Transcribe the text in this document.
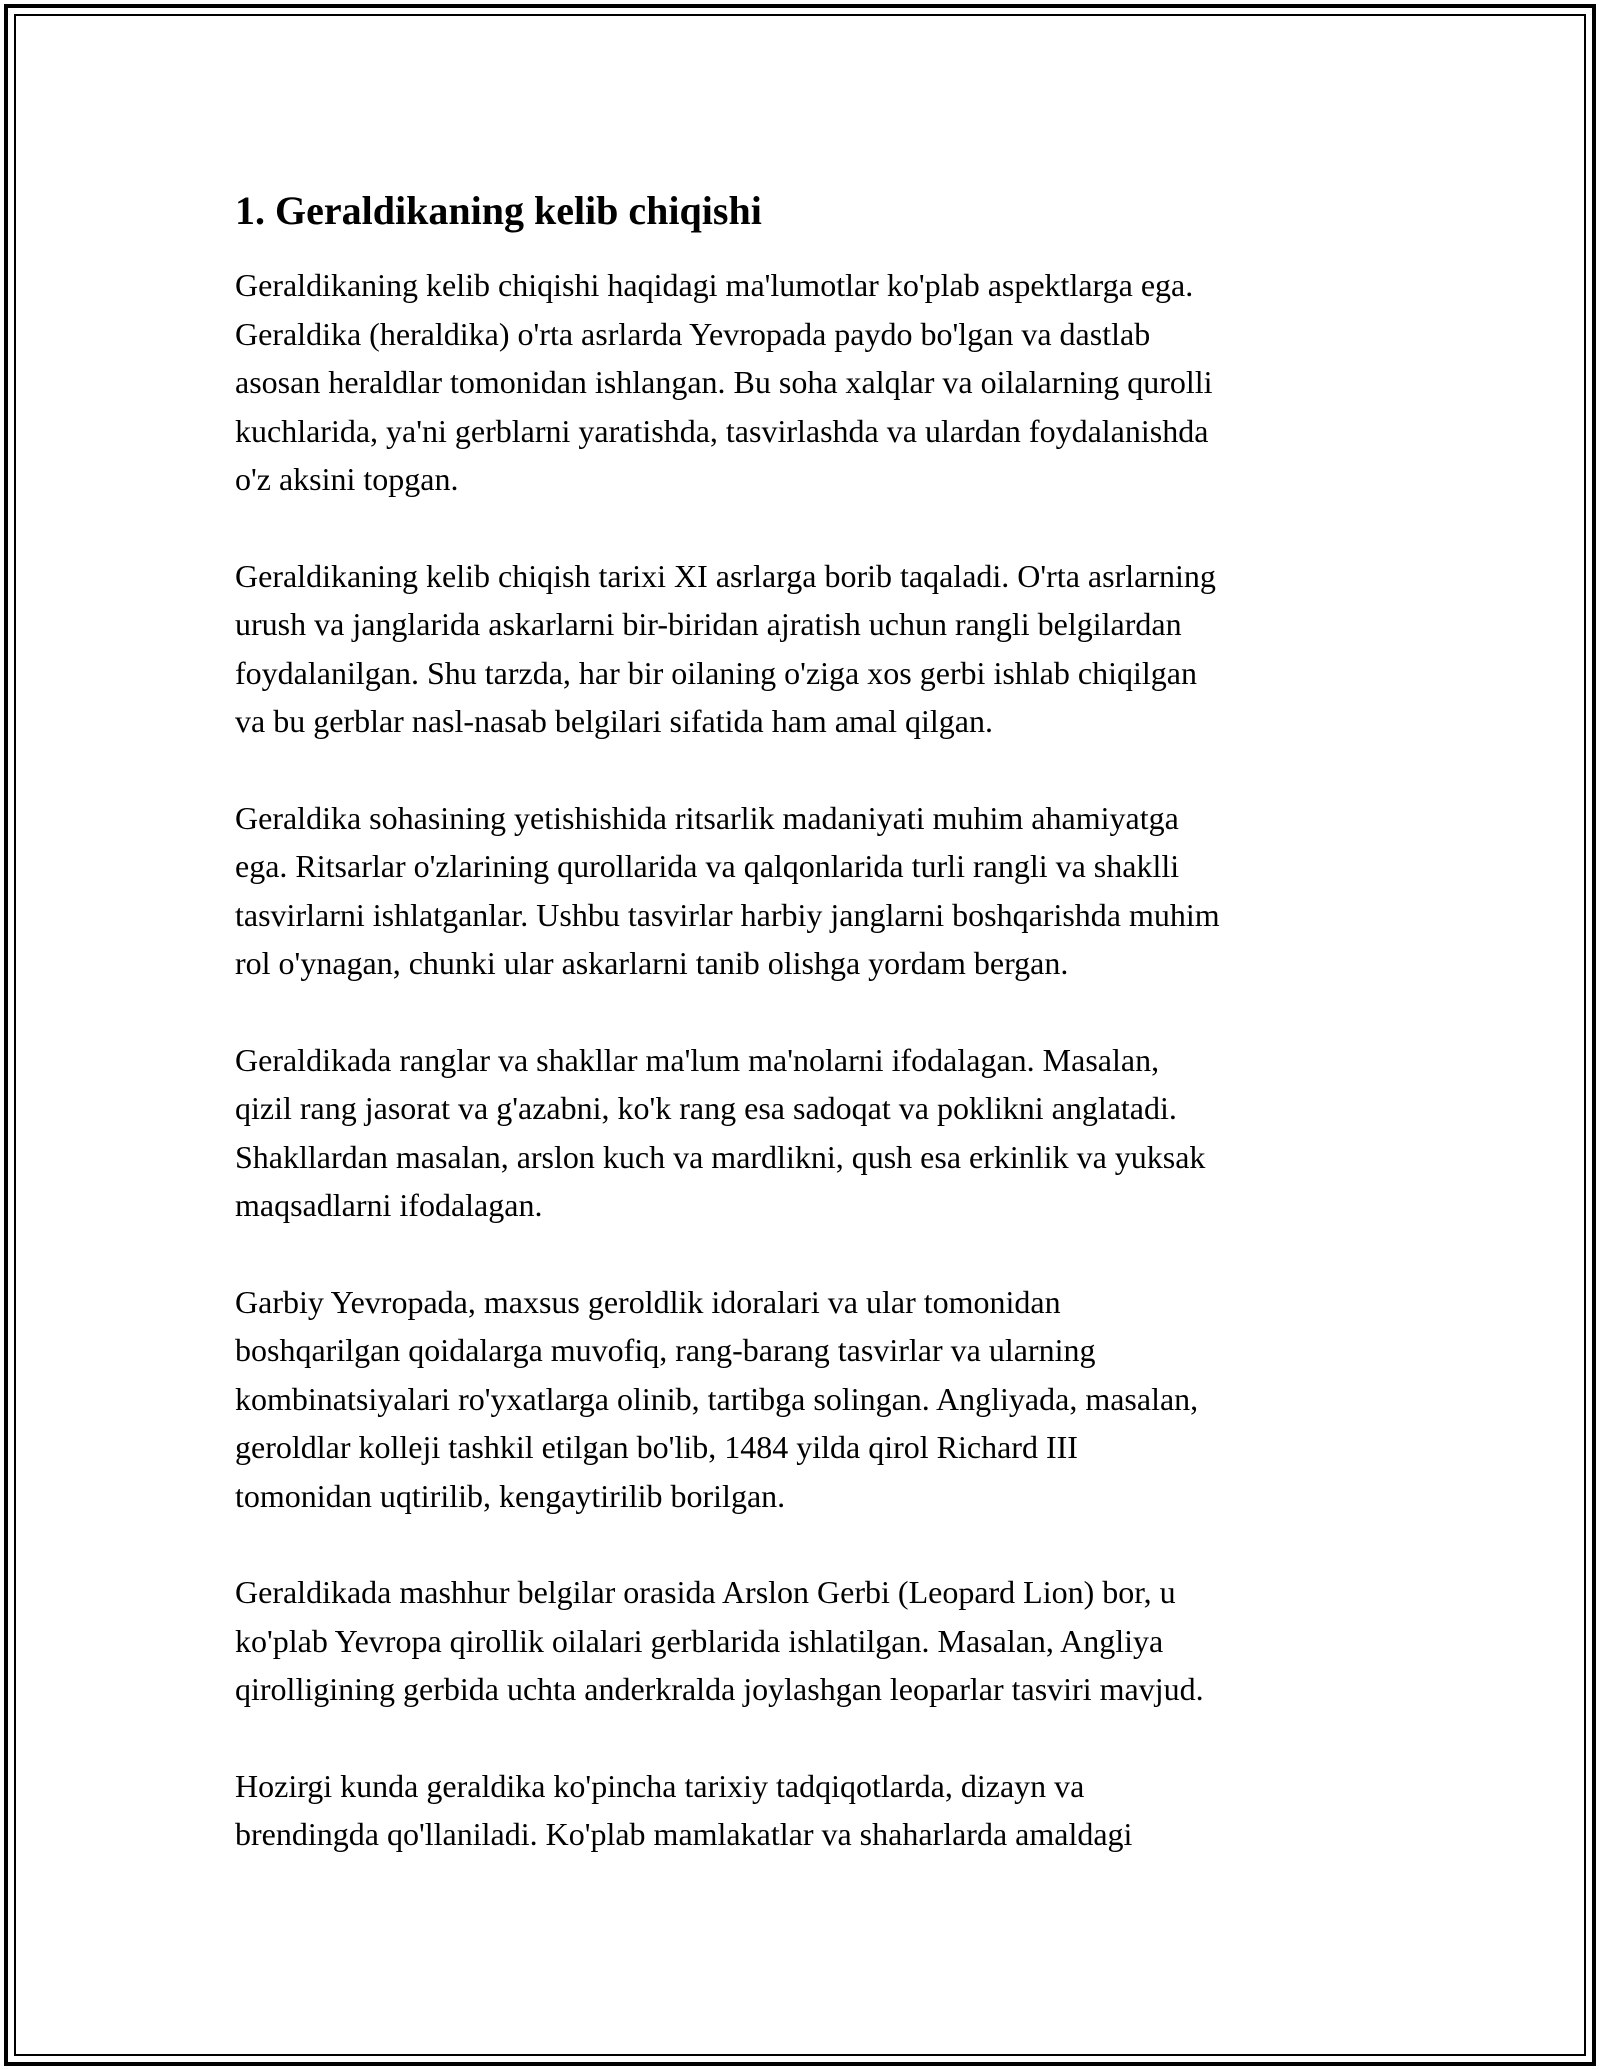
1. Geraldikaning kelib chiqishi

Geraldikaning kelib chiqishi haqidagi ma'lumotlar ko'plab aspektlarga ega.
Geraldika (heraldika) o'rta asrlarda Yevropada paydo bo'lgan va dastlab
asosan heraldlar tomonidan ishlangan. Bu soha xalqlar va oilalarning qurolli
kuchlarida, ya'ni gerblarni yaratishda, tasvirlashda va ulardan foydalanishda
o'z aksini topgan.

Geraldikaning kelib chiqish tarixi XI asrlarga borib taqaladi. O'rta asrlarning
urush va janglarida askarlarni bir-biridan ajratish uchun rangli belgilardan
foydalanilgan. Shu tarzda, har bir oilaning o'ziga xos gerbi ishlab chiqilgan
va bu gerblar nasl-nasab belgilari sifatida ham amal qilgan.

Geraldika sohasining yetishishida ritsarlik madaniyati muhim ahamiyatga
ega. Ritsarlar o'zlarining qurollarida va qalqonlarida turli rangli va shaklli
tasvirlarni ishlatganlar. Ushbu tasvirlar harbiy janglarni boshqarishda muhim
rol o'ynagan, chunki ular askarlarni tanib olishga yordam bergan.

Geraldikada ranglar va shakllar ma'lum ma'nolarni ifodalagan. Masalan,
qizil rang jasorat va g'azabni, ko'k rang esa sadoqat va poklikni anglatadi.
Shakllardan masalan, arslon kuch va mardlikni, qush esa erkinlik va yuksak
maqsadlarni ifodalagan.

Garbiy Yevropada, maxsus geroldlik idoralari va ular tomonidan
boshqarilgan qoidalarga muvofiq, rang-barang tasvirlar va ularning
kombinatsiyalari ro'yxatlarga olinib, tartibga solingan. Angliyada, masalan,
geroldlar kolleji tashkil etilgan bo'lib, 1484 yilda qirol Richard III
tomonidan uqtirilib, kengaytirilib borilgan.

Geraldikada mashhur belgilar orasida Arslon Gerbi (Leopard Lion) bor, u
ko'plab Yevropa qirollik oilalari gerblarida ishlatilgan. Masalan, Angliya
qirolligining gerbida uchta anderkralda joylashgan leoparlar tasviri mavjud.

Hozirgi kunda geraldika ko'pincha tarixiy tadqiqotlarda, dizayn va
brendingda qo'llaniladi. Ko'plab mamlakatlar va shaharlarda amaldagi
